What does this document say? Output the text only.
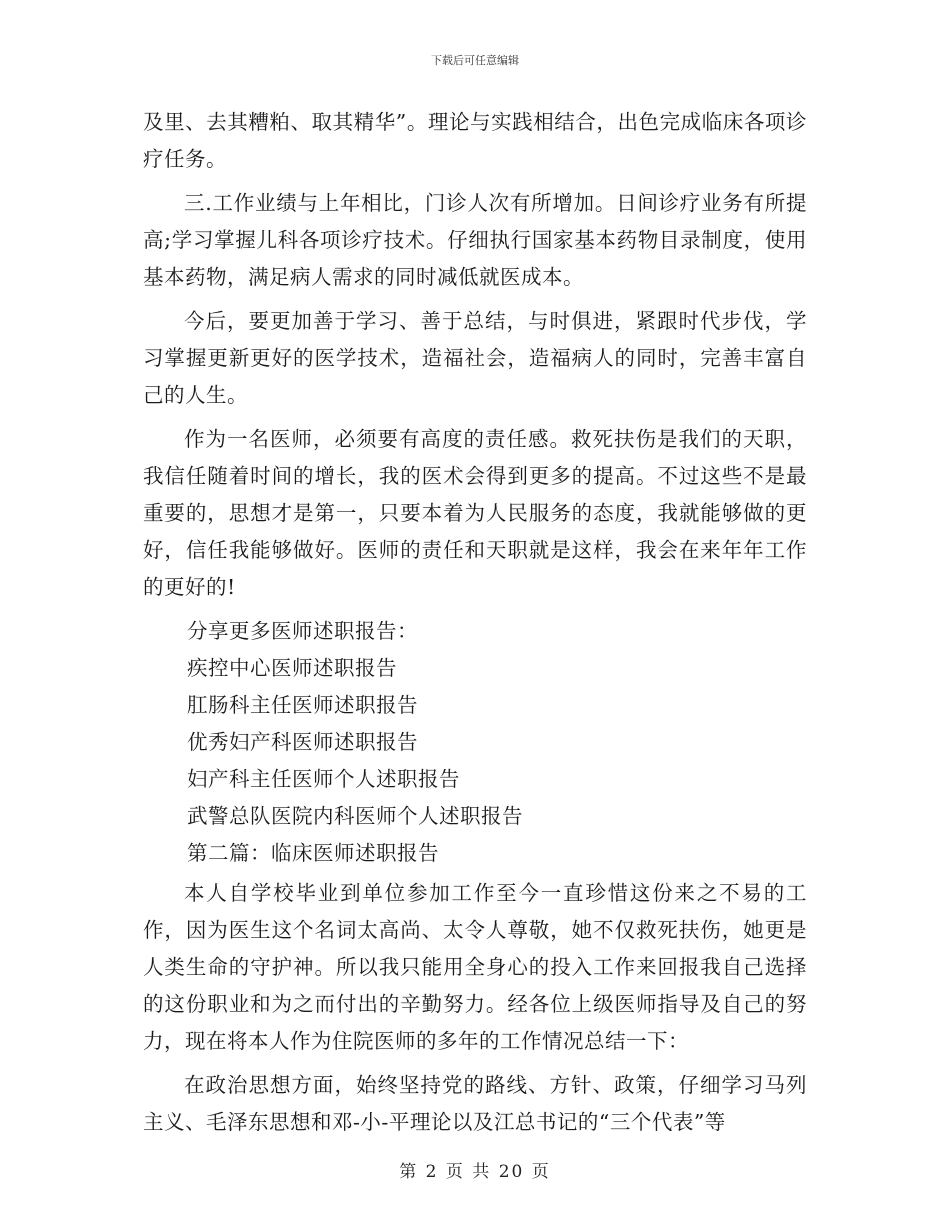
下载后可任意编辑

及里、去其糟粕、取其精华”。理论与实践相结合，出色完成临床各项诊疗任务。

三.工作业绩与上年相比，门诊人次有所增加。日间诊疗业务有所提高;学习掌握儿科各项诊疗技术。仔细执行国家基本药物目录制度，使用基本药物，满足病人需求的同时减低就医成本。

今后，要更加善于学习、善于总结，与时俱进，紧跟时代步伐，学习掌握更新更好的医学技术，造福社会，造福病人的同时，完善丰富自己的人生。

作为一名医师，必须要有高度的责任感。救死扶伤是我们的天职，我信任随着时间的增长，我的医术会得到更多的提高。不过这些不是最重要的，思想才是第一，只要本着为人民服务的态度，我就能够做的更好，信任我能够做好。医师的责任和天职就是这样，我会在来年年工作的更好的!

分享更多医师述职报告：

疾控中心医师述职报告

肛肠科主任医师述职报告

优秀妇产科医师述职报告

妇产科主任医师个人述职报告

武警总队医院内科医师个人述职报告

第二篇：临床医师述职报告

本人自学校毕业到单位参加工作至今一直珍惜这份来之不易的工作，因为医生这个名词太高尚、太令人尊敬，她不仅救死扶伤，她更是人类生命的守护神。所以我只能用全身心的投入工作来回报我自己选择的这份职业和为之而付出的辛勤努力。经各位上级医师指导及自己的努力，现在将本人作为住院医师的多年的工作情况总结一下：

在政治思想方面，始终坚持党的路线、方针、政策，仔细学习马列主义、毛泽东思想和邓-小-平理论以及江总书记的“三个代表”等

第 2 页 共 20 页
